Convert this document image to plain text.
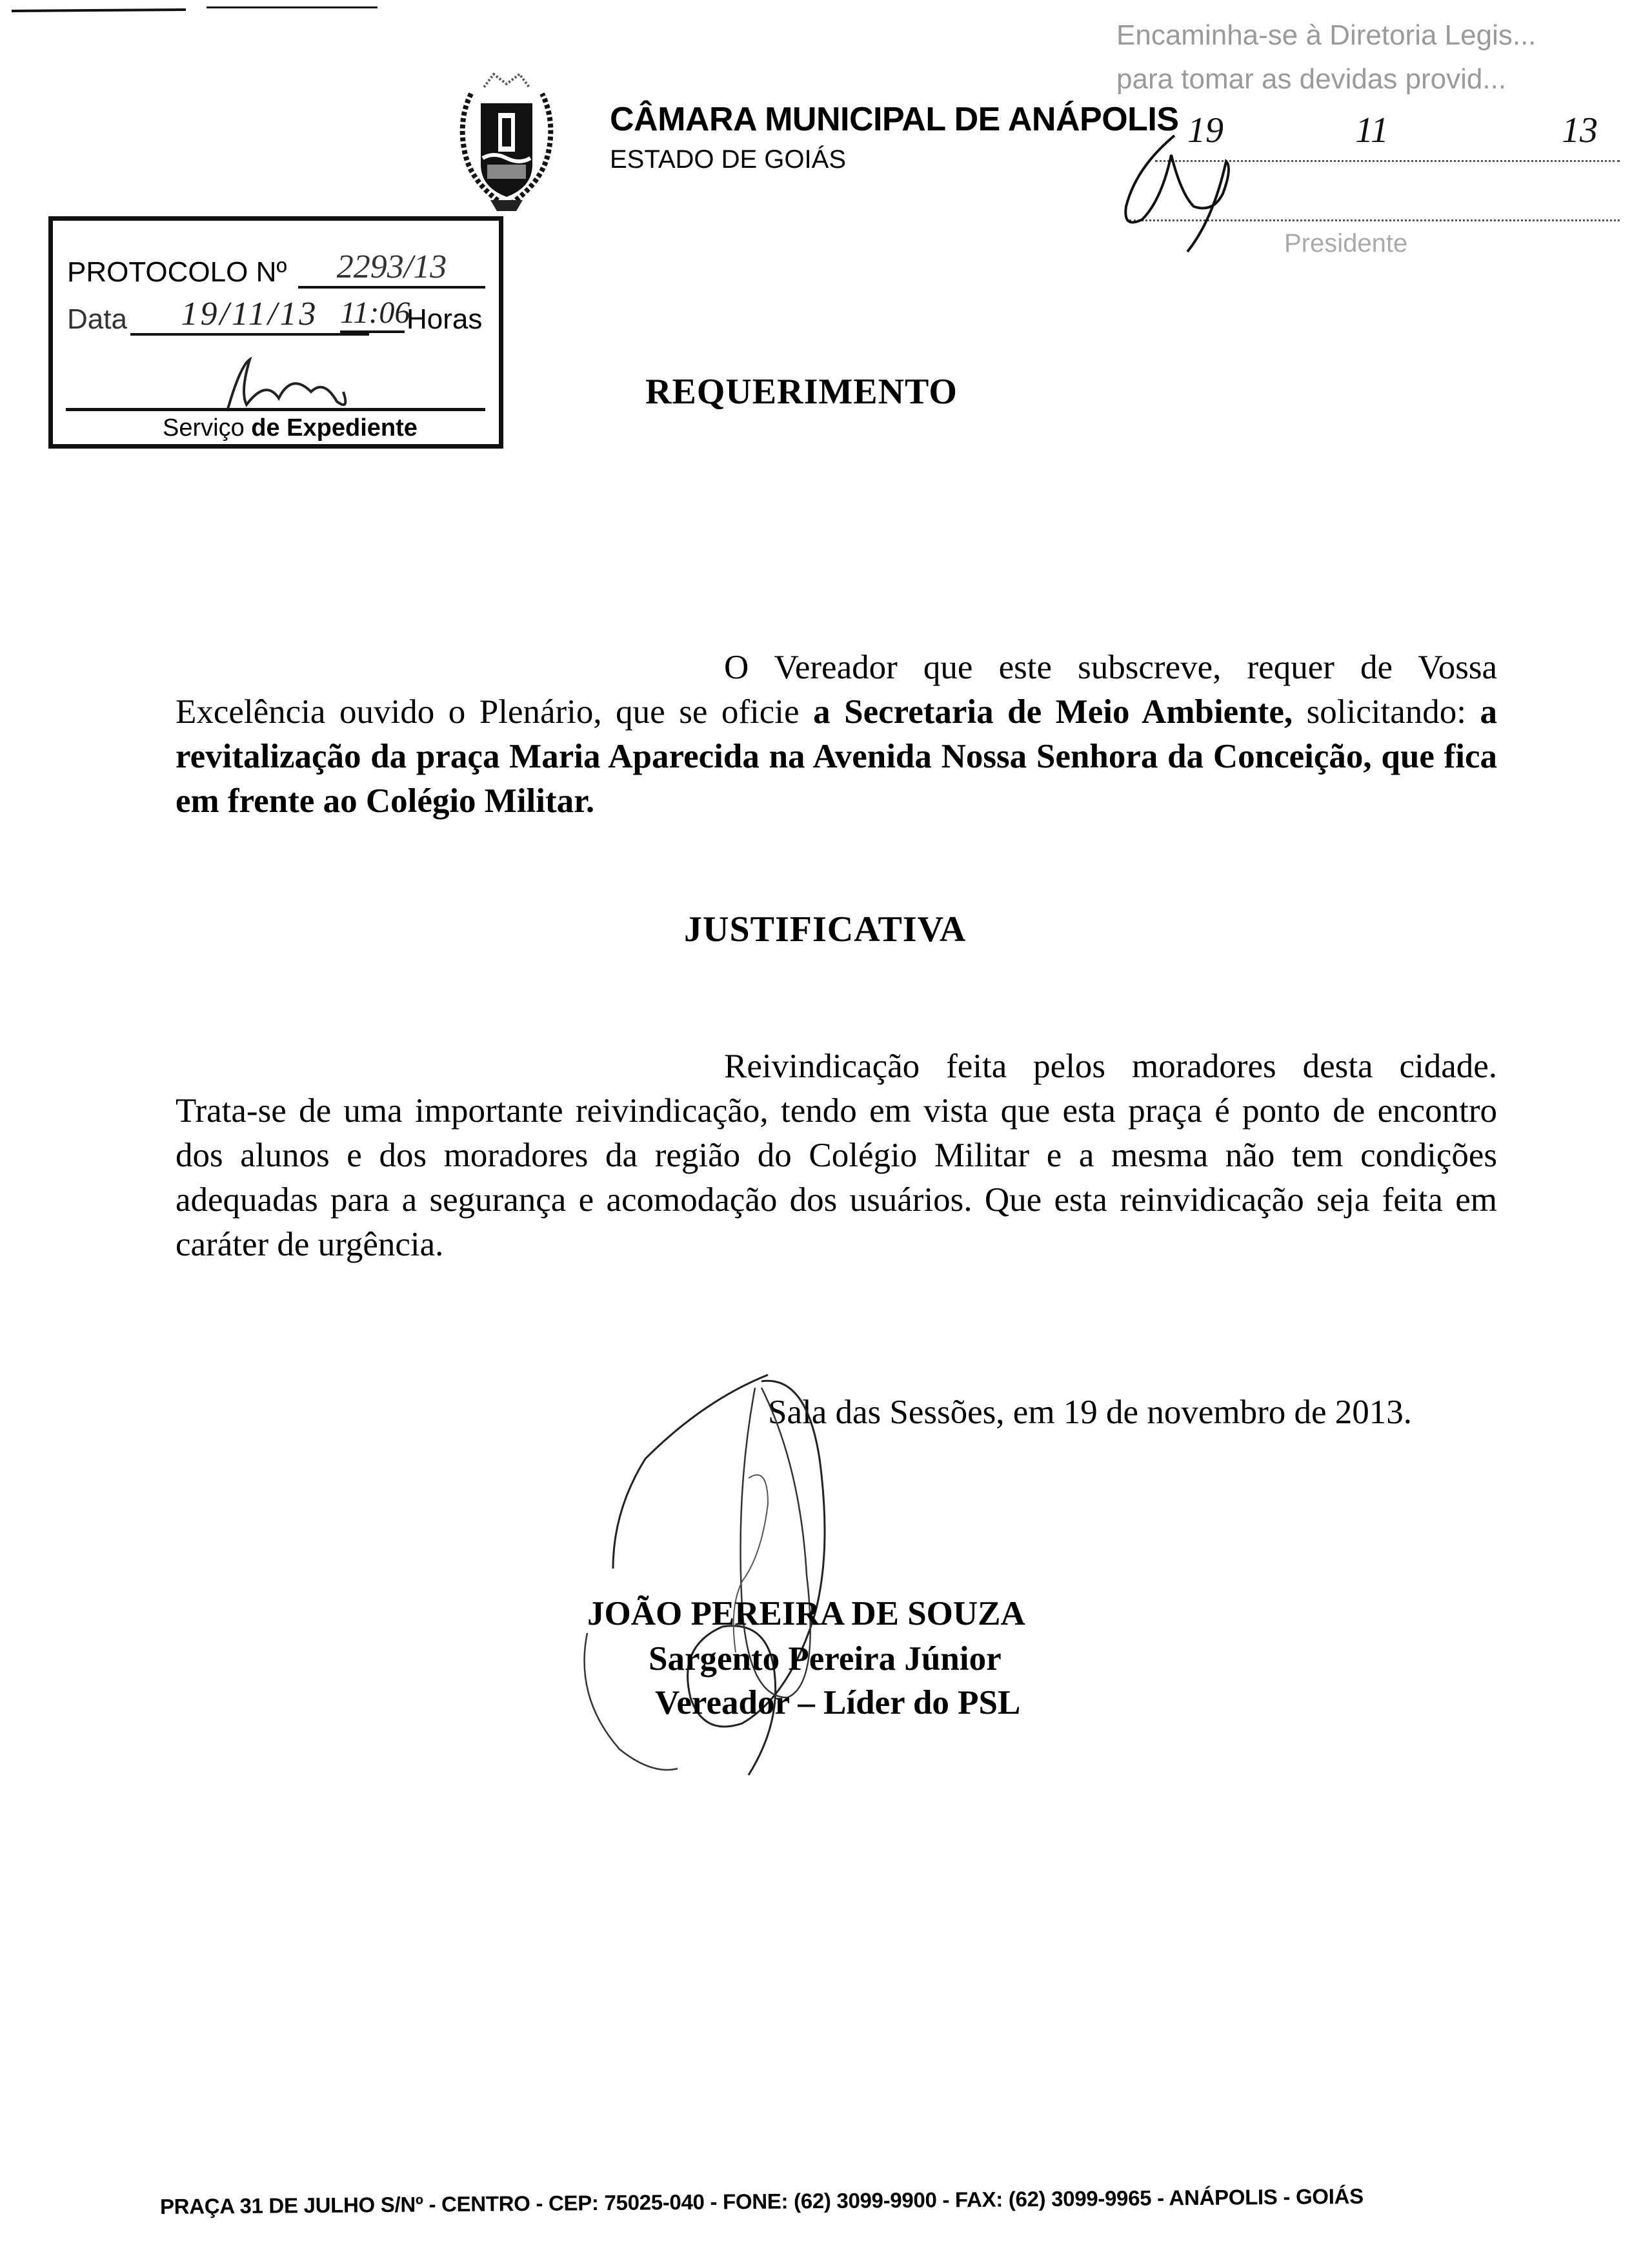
CÂMARA MUNICIPAL DE ANÁPOLIS
ESTADO DE GOIÁS
Encaminha-se à Diretoria Legis...
para tomar as devidas provid...
19	11	13
Presidente
PROTOCOLO Nº	2293/13
Data	19/11/13 11:06
Horas
Serviço de Expediente
REQUERIMENTO
O Vereador que este subscreve, requer de Vossa Excelência ouvido o Plenário, que se oficie a Secretaria de Meio Ambiente, solicitando: a revitalização da praça Maria Aparecida na Avenida Nossa Senhora da Conceição, que fica em frente ao Colégio Militar.
JUSTIFICATIVA
Reivindicação feita pelos moradores desta cidade. Trata-se de uma importante reivindicação, tendo em vista que esta praça é ponto de encontro dos alunos e dos moradores da região do Colégio Militar e a mesma não tem condições adequadas para a segurança e acomodação dos usuários. Que esta reinvidicação seja feita em caráter de urgência.
Sala das Sessões, em 19 de novembro de 2013.
JOÃO PEREIRA DE SOUZA
Sargento Pereira Júnior
Vereador – Líder do PSL
PRAÇA 31 DE JULHO S/Nº - CENTRO - CEP: 75025-040 - FONE: (62) 3099-9900 - FAX: (62) 3099-9965 - ANÁPOLIS - GOIÁS
